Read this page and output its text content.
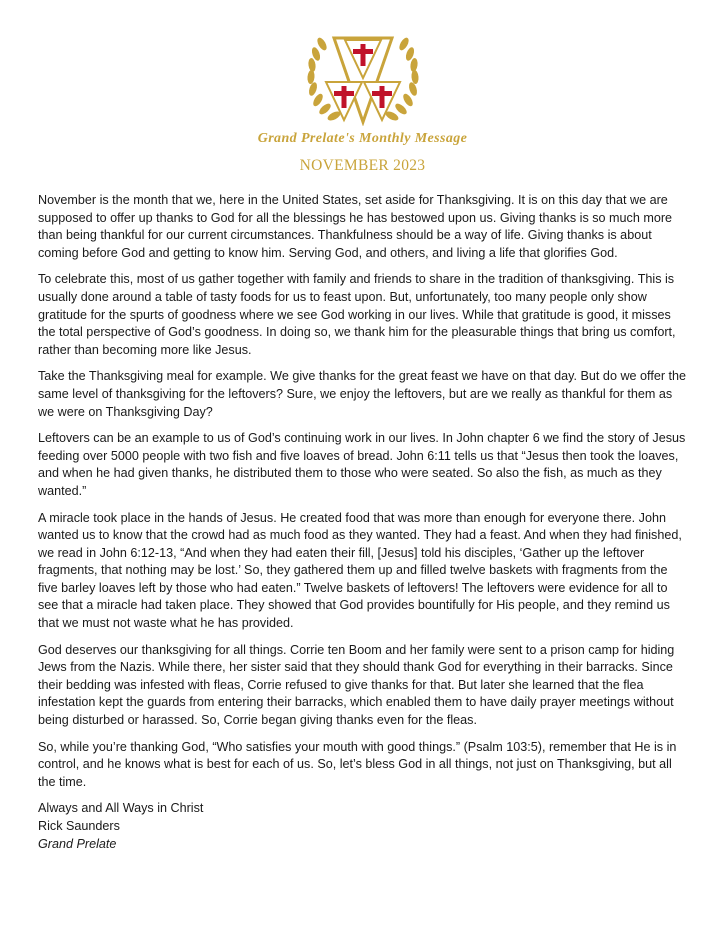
Grand Prelate's Monthly Message
NOVEMBER 2023

November is the month that we, here in the United States, set aside for Thanksgiving. It is on this day that we are supposed to offer up thanks to God for all the blessings he has bestowed upon us. Giving thanks is so much more than being thankful for our current circumstances. Thankfulness should be a way of life. Giving thanks is about coming before God and getting to know him. Serving God, and others, and living a life that glorifies God.

To celebrate this, most of us gather together with family and friends to share in the tradition of thanksgiving. This is usually done around a table of tasty foods for us to feast upon. But, unfortunately, too many people only show gratitude for the spurts of goodness where we see God working in our lives. While that gratitude is good, it misses the total perspective of God’s goodness. In doing so, we thank him for the pleasurable things that bring us comfort, rather than becoming more like Jesus.

Take the Thanksgiving meal for example. We give thanks for the great feast we have on that day. But do we offer the same level of thanksgiving for the leftovers? Sure, we enjoy the leftovers, but are we really as thankful for them as we were on Thanksgiving Day?

Leftovers can be an example to us of God’s continuing work in our lives. In John chapter 6 we find the story of Jesus feeding over 5000 people with two fish and five loaves of bread. John 6:11 tells us that “Jesus then took the loaves, and when he had given thanks, he distributed them to those who were seated. So also the fish, as much as they wanted.”

A miracle took place in the hands of Jesus. He created food that was more than enough for everyone there. John wanted us to know that the crowd had as much food as they wanted. They had a feast. And when they had finished, we read in John 6:12-13, “And when they had eaten their fill, [Jesus] told his disciples, ‘Gather up the leftover fragments, that nothing may be lost.’ So, they gathered them up and filled twelve baskets with fragments from the five barley loaves left by those who had eaten.” Twelve baskets of leftovers! The leftovers were evidence for all to see that a miracle had taken place. They showed that God provides bountifully for His people, and they remind us that we must not waste what he has provided.

God deserves our thanksgiving for all things. Corrie ten Boom and her family were sent to a prison camp for hiding Jews from the Nazis. While there, her sister said that they should thank God for everything in their barracks. Since their bedding was infested with fleas, Corrie refused to give thanks for that. But later she learned that the flea infestation kept the guards from entering their barracks, which enabled them to have daily prayer meetings without being disturbed or harassed. So, Corrie began giving thanks even for the fleas.

So, while you’re thanking God, “Who satisfies your mouth with good things.” (Psalm 103:5), remember that He is in control, and he knows what is best for each of us. So, let’s bless God in all things, not just on Thanksgiving, but all the time.

Always and All Ways in Christ
Rick Saunders
Grand Prelate
